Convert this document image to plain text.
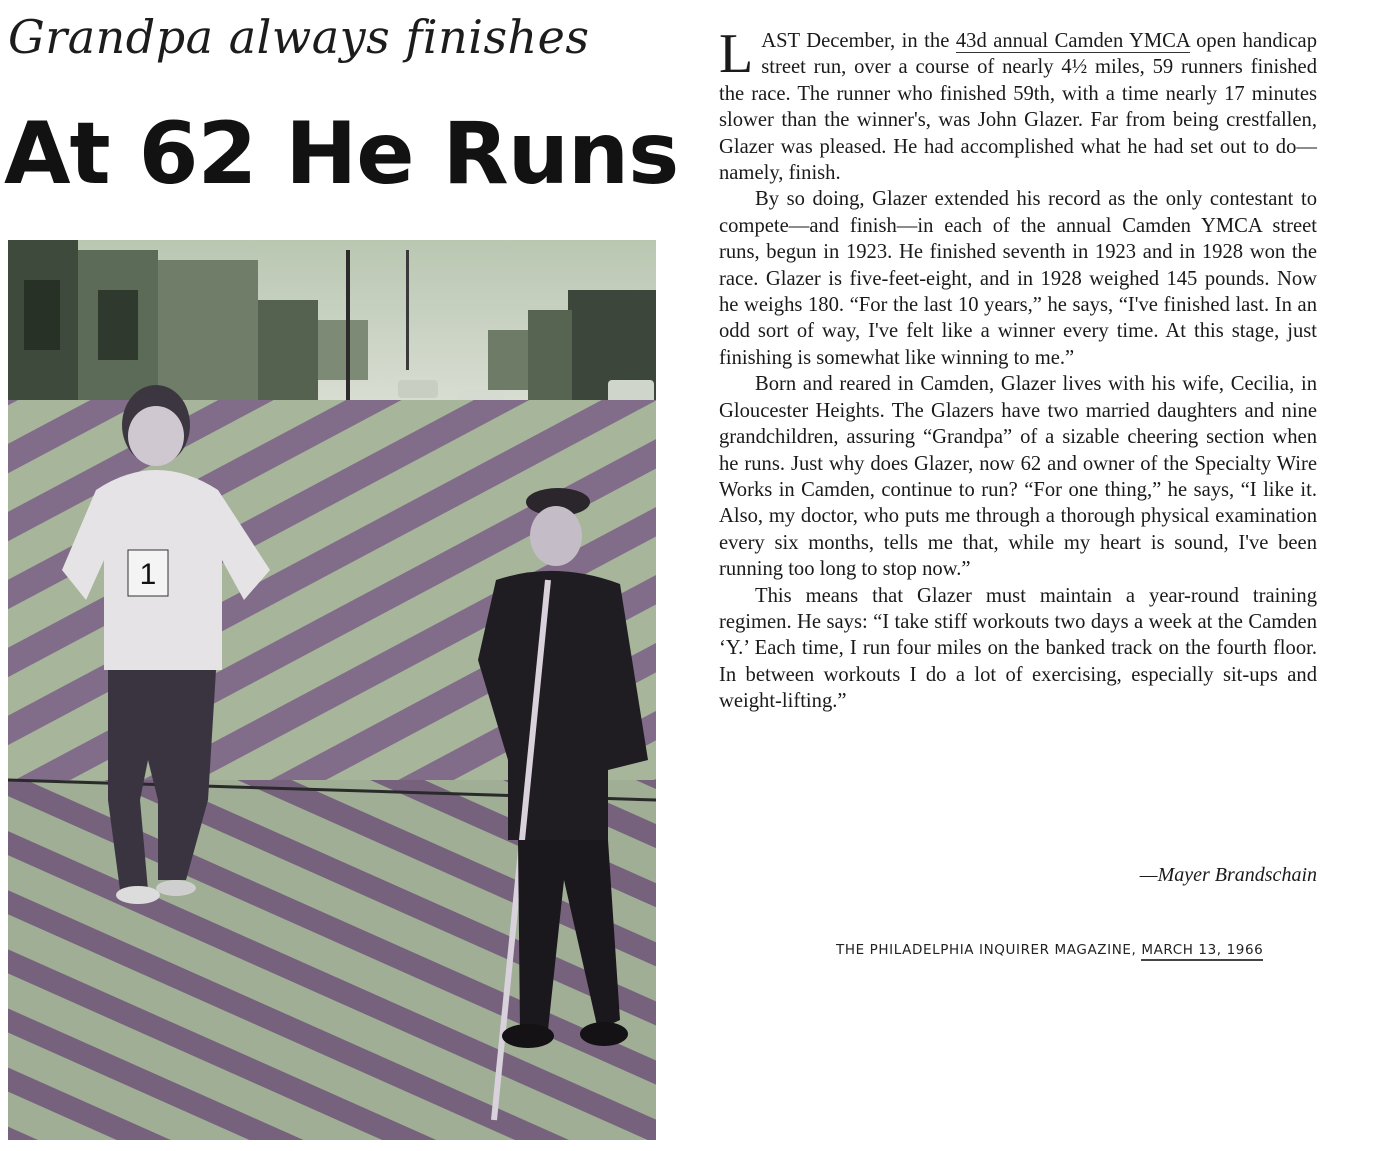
Grandpa always finishes
At 62 He Runs
1

LAST December, in the 43d annual Camden YMCA open handicap street run, over a course of nearly 4½ miles, 59 runners finished the race. The runner who finished 59th, with a time nearly 17 minutes slower than the winner's, was John Glazer. Far from being crestfallen, Glazer was pleased. He had accomplished what he had set out to do—namely, finish.

By so doing, Glazer extended his record as the only contestant to compete—and finish—in each of the annual Camden YMCA street runs, begun in 1923. He finished seventh in 1923 and in 1928 won the race. Glazer is five-feet-eight, and in 1928 weighed 145 pounds. Now he weighs 180. “For the last 10 years,” he says, “I've finished last. In an odd sort of way, I've felt like a winner every time. At this stage, just finishing is somewhat like winning to me.”

Born and reared in Camden, Glazer lives with his wife, Cecilia, in Gloucester Heights. The Glazers have two married daughters and nine grandchildren, assuring “Grandpa” of a sizable cheering section when he runs. Just why does Glazer, now 62 and owner of the Specialty Wire Works in Camden, continue to run? “For one thing,” he says, “I like it. Also, my doctor, who puts me through a thorough physical examination every six months, tells me that, while my heart is sound, I've been running too long to stop now.”

This means that Glazer must maintain a year-round training regimen. He says: “I take stiff workouts two days a week at the Camden ‘Y.’ Each time, I run four miles on the banked track on the fourth floor. In between workouts I do a lot of exercising, especially sit-ups and weight-lifting.”

—Mayer Brandschain
THE PHILADELPHIA INQUIRER MAGAZINE, MARCH 13, 1966
